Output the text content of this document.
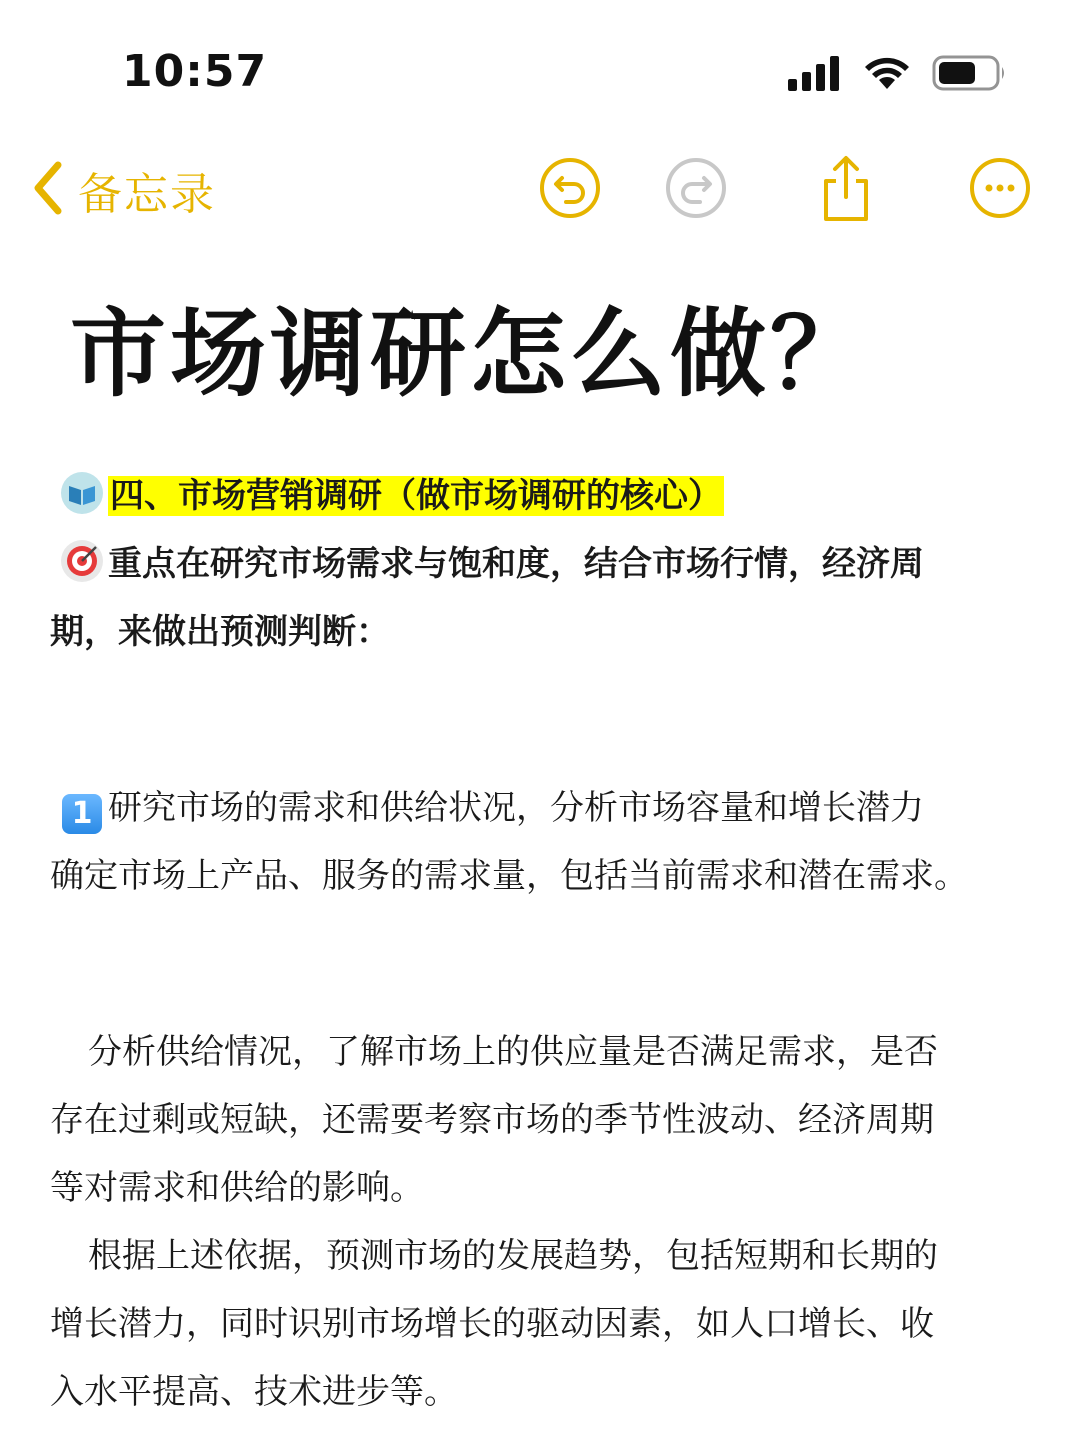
10:57
备忘录
市场调研怎么做？
四、市场营销调研（做市场调研的核心）
重点在研究市场需求与饱和度，结合市场行情，经济周
期，来做出预测判断：
1 研究市场的需求和供给状况，分析市场容量和增长潜力
确定市场上产品、服务的需求量，包括当前需求和潜在需求。
分析供给情况，了解市场上的供应量是否满足需求，是否
存在过剩或短缺，还需要考察市场的季节性波动、经济周期
等对需求和供给的影响。
根据上述依据，预测市场的发展趋势，包括短期和长期的
增长潜力，同时识别市场增长的驱动因素，如人口增长、收
入水平提高、技术进步等。
